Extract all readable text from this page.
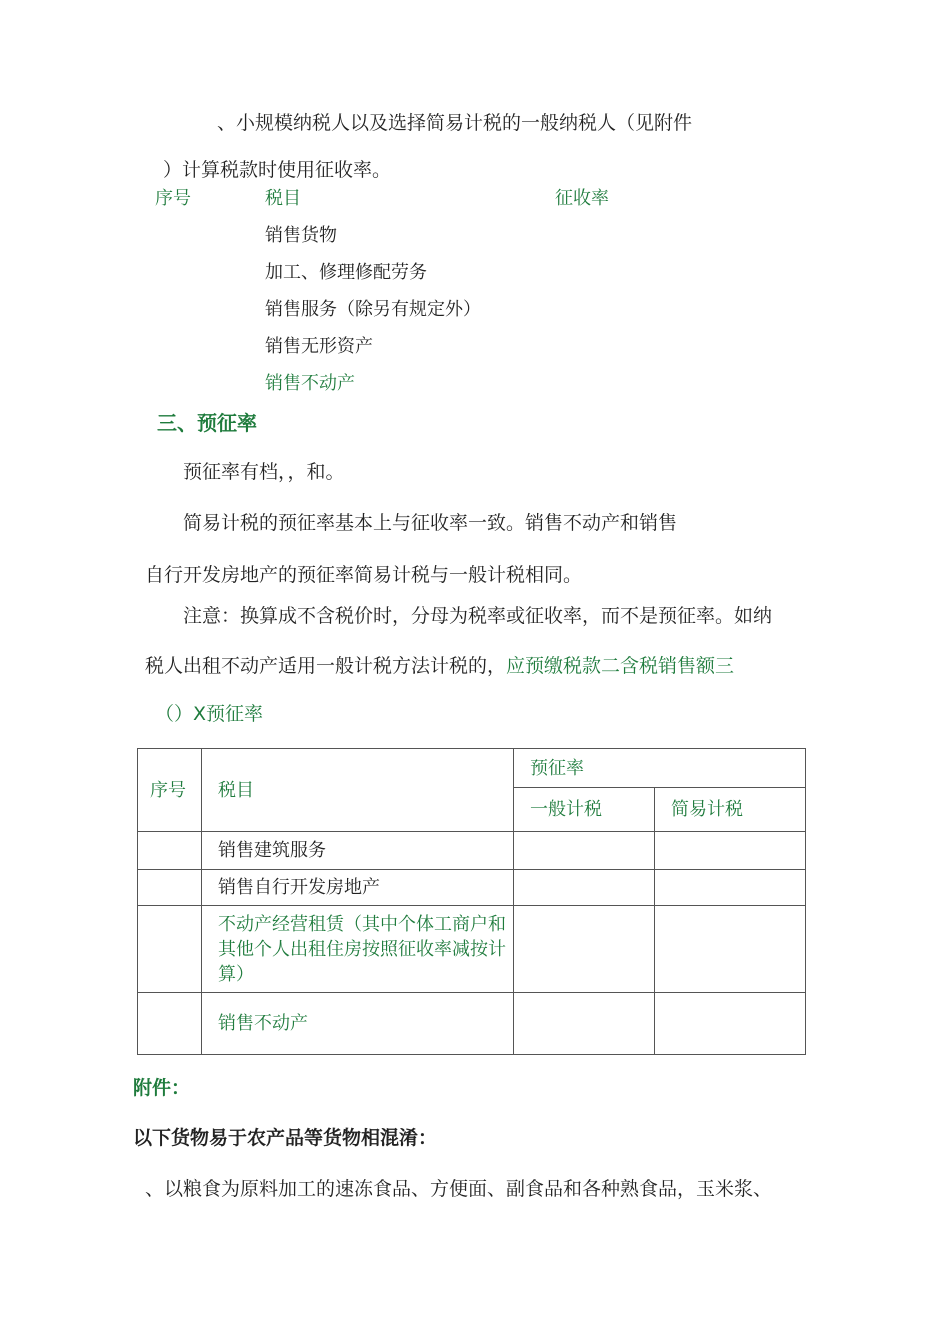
、小规模纳税人以及选择简易计税的一般纳税人（见附件
）计算税款时使用征收率。
序号	税目	征收率
销售货物
加工、修理修配劳务
销售服务（除另有规定外）
销售无形资产
销售不动产
三、预征率
预征率有档，，和。
简易计税的预征率基本上与征收率一致。销售不动产和销售
自行开发房地产的预征率简易计税与一般计税相同。
注意：换算成不含税价时，分母为税率或征收率，而不是预征率。如纳
税人出租不动产适用一般计税方法计税的，应预缴税款二含税销售额三
（）X预征率
序号	税目	预征率	
		一般计税	简易计税
	销售建筑服务		
	销售自行开发房地产		
	不动产经营租赁（其中个体工商户和其他个人出租住房按照征收率减按计算）		
	销售不动产		
附件：
以下货物易于农产品等货物相混淆：
、以粮食为原料加工的速冻食品、方便面、副食品和各种熟食品，玉米浆、
